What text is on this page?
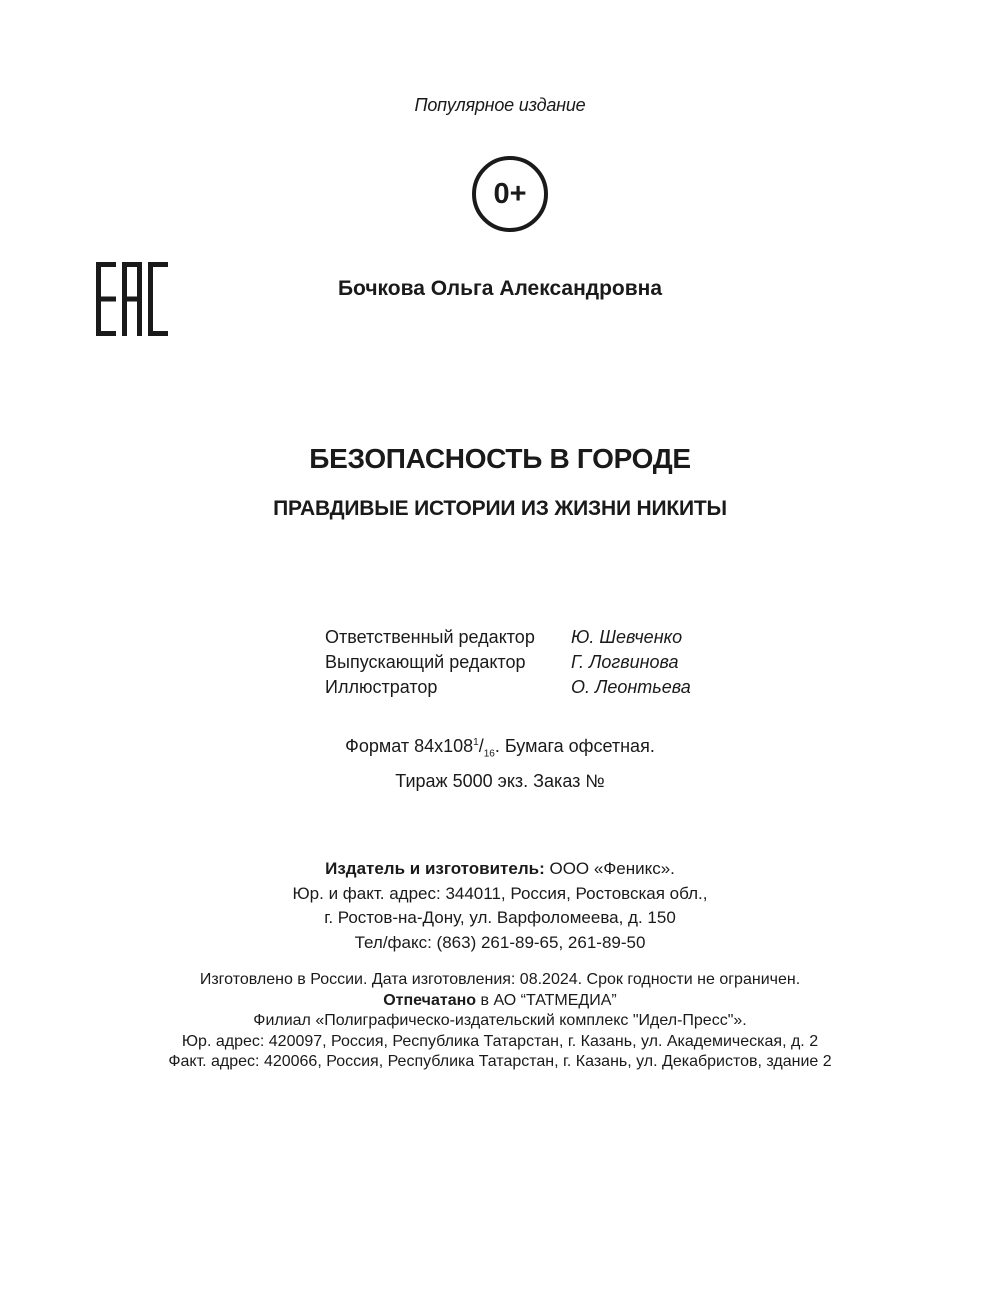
Популярное издание
0+
Бочкова Ольга Александровна
БЕЗОПАСНОСТЬ В ГОРОДЕ
ПРАВДИВЫЕ ИСТОРИИ ИЗ ЖИЗНИ НИКИТЫ
Ответственный редактор	Ю. Шевченко
Выпускающий редактор	Г. Логвинова
Иллюстратор	О. Леонтьева
Формат $84х108^1/_{16}$. Бумага офсетная.
Тираж 5000 экз. Заказ №
Издатель и изготовитель: ООО «Феникс».
Юр. и факт. адрес: 344011, Россия, Ростовская обл.,
г. Ростов-на-Дону, ул. Варфоломеева, д. 150
Тел/факс: (863) 261-89-65, 261-89-50
Изготовлено в России. Дата изготовления: 08.2024. Срок годности не ограничен.
Отпечатано в АО “ТАТМЕДИА”
Филиал «Полиграфическо-издательский комплекс "Идел-Пресс"».
Юр. адрес: 420097, Россия, Республика Татарстан, г. Казань, ул. Академическая, д. 2
Факт. адрес: 420066, Россия, Республика Татарстан, г. Казань, ул. Декабристов, здание 2
